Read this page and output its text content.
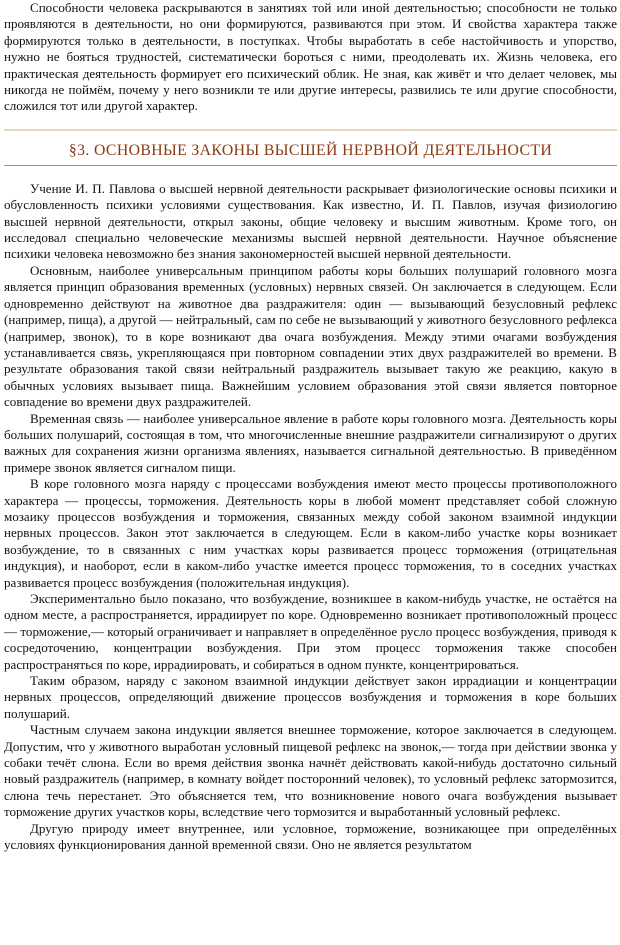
Способности человека раскрываются в занятиях той или иной деятельностью; способности не только проявляются в деятельности, но они формируются, развиваются при этом. И свойства характера также формируются только в деятельности, в поступках. Чтобы выработать в себе настойчивость и упорство, нужно не бояться трудностей, систематически бороться с ними, преодолевать их. Жизнь человека, его практическая деятельность формирует его психический облик. Не зная, как живёт и что делает человек, мы никогда не поймём, почему у него возникли те или другие интересы, развились те или другие способности, сложился тот или другой характер.

§3. ОСНОВНЫЕ ЗАКОНЫ ВЫСШЕЙ НЕРВНОЙ ДЕЯТЕЛЬНОСТИ

Учение И. П. Павлова о высшей нервной деятельности раскрывает физиологические основы психики и обусловленность психики условиями существования. Как известно, И. П. Павлов, изучая физиологию высшей нервной деятельности, открыл законы, общие человеку и высшим животным. Кроме того, он исследовал специально человеческие механизмы высшей нервной деятельности. Научное объяснение психики человека невозможно без знания закономерностей высшей нервной деятельности.

Основным, наиболее универсальным принципом работы коры больших полушарий головного мозга является принцип образования временных (условных) нервных связей. Он заключается в следующем. Если одновременно действуют на животное два раздражителя: один — вызывающий безусловный рефлекс (например, пища), а другой — нейтральный, сам по себе не вызывающий у животного безусловного рефлекса (например, звонок), то в коре возникают два очага возбуждения. Между этими очагами возбуждения устанавливается связь, укрепляющаяся при повторном совпадении этих двух раздражителей во времени. В результате образования такой связи нейтральный раздражитель вызывает такую же реакцию, какую в обычных условиях вызывает пища. Важнейшим условием образования этой связи является повторное совпадение во времени двух раздражителей.

Временная связь — наиболее универсальное явление в работе коры головного мозга. Деятельность коры больших полушарий, состоящая в том, что многочисленные внешние раздражители сигнализируют о других важных для сохранения жизни организма явлениях, называется сигнальной деятельностью. В приведённом примере звонок является сигналом пищи.

В коре головного мозга наряду с процессами возбуждения имеют место процессы противоположного характера — процессы, торможения. Деятельность коры в любой момент представляет собой сложную мозаику процессов возбуждения и торможения, связанных между собой законом взаимной индукции нервных процессов. Закон этот заключается в следующем. Если в каком-либо участке коры возникает возбуждение, то в связанных с ним участках коры развивается процесс торможения (отрицательная индукция), и наоборот, если в каком-либо участке имеется процесс торможения, то в соседних участках развивается процесс возбуждения (положительная индукция).

Экспериментально было показано, что возбуждение, возникшее в каком-нибудь участке, не остаётся на одном месте, а распространяется, иррадиирует по коре. Одновременно возникает противоположный процесс — торможение,— который ограничивает и направляет в определённое русло процесс возбуждения, приводя к сосредоточению, концентрации возбуждения. При этом процесс торможения также способен распространяться по коре, иррадиировать, и собираться в одном пункте, концентрироваться.

Таким образом, наряду с законом взаимной индукции действует закон иррадиации и концентрации нервных процессов, определяющий движение процессов возбуждения и торможения в коре больших полушарий.

Частным случаем закона индукции является внешнее торможение, которое заключается в следующем. Допустим, что у животного выработан условный пищевой рефлекс на звонок,— тогда при действии звонка у собаки течёт слюна. Если во время действия звонка начнёт действовать какой-нибудь достаточно сильный новый раздражитель (например, в комнату войдет посторонний человек), то условный рефлекс затормозится, слюна течь перестанет. Это объясняется тем, что возникновение нового очага возбуждения вызывает торможение других участков коры, вследствие чего тормозится и выработанный условный рефлекс.

Другую природу имеет внутреннее, или условное, торможение, возникающее при определённых условиях функционирования данной временной связи. Оно не является результатом
